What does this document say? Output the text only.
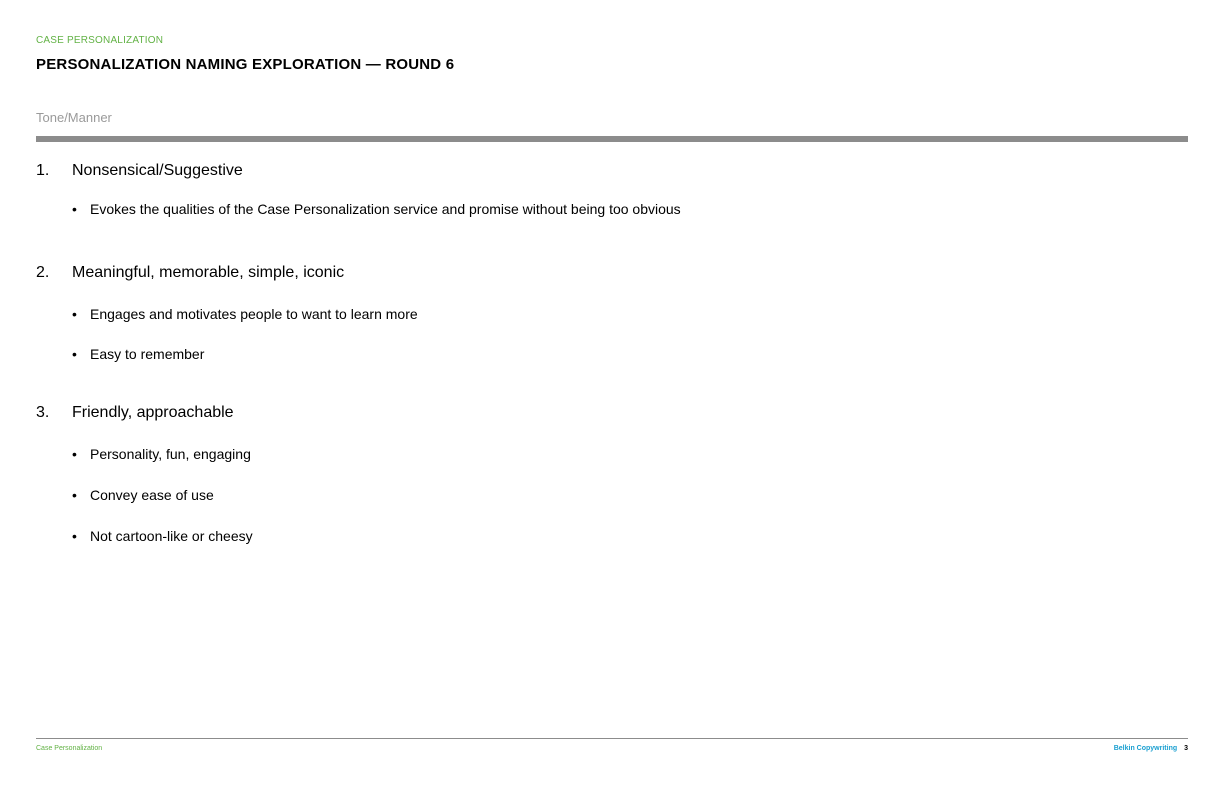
CASE PERSONALIZATION
PERSONALIZATION NAMING EXPLORATION — ROUND 6
Tone/Manner
1.	Nonsensical/Suggestive
• Evokes the qualities of the Case Personalization service and promise without being too obvious
2.	Meaningful, memorable, simple, iconic
• Engages and motivates people to want to learn more
• Easy to remember
3.	Friendly, approachable
• Personality, fun, engaging
• Convey ease of use
• Not cartoon-like or cheesy
Case Personalization	Belkin Copywriting 3
